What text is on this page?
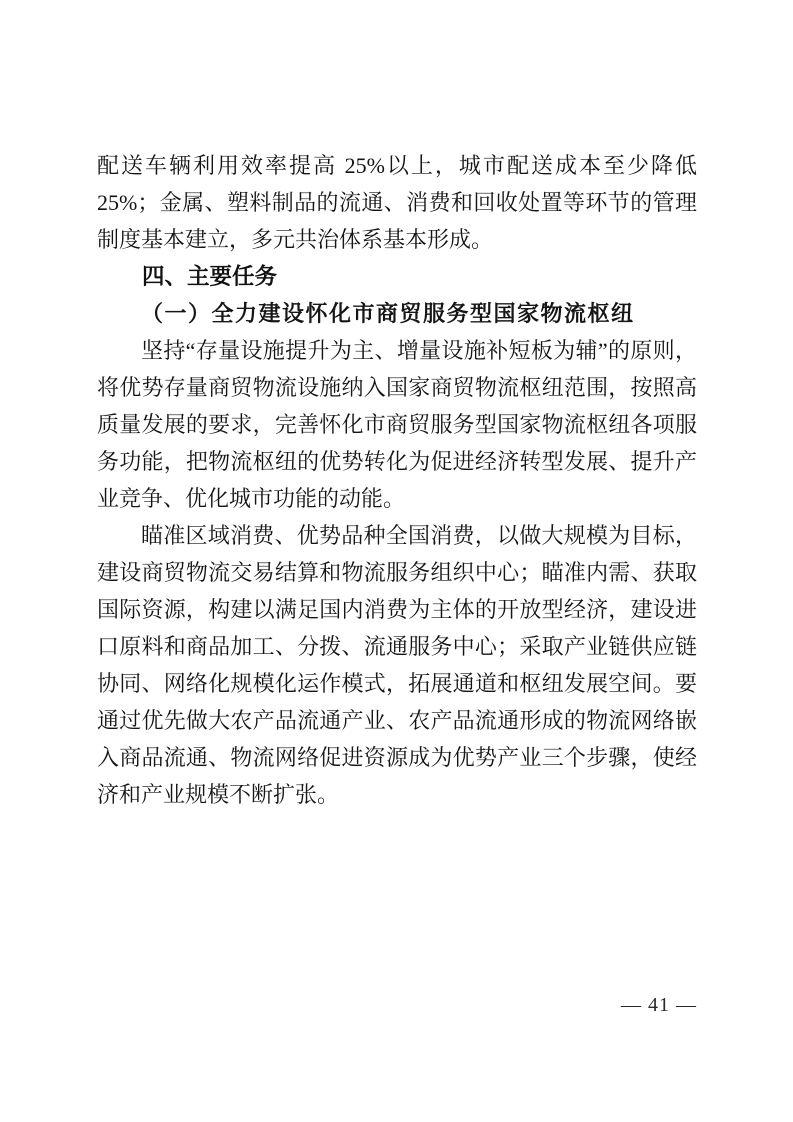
配送车辆利用效率提高 25%以上，城市配送成本至少降低 25%；金属、塑料制品的流通、消费和回收处置等环节的管理制度基本建立，多元共治体系基本形成。

四、主要任务
（一）全力建设怀化市商贸服务型国家物流枢纽

坚持“存量设施提升为主、增量设施补短板为辅”的原则，将优势存量商贸物流设施纳入国家商贸物流枢纽范围，按照高质量发展的要求，完善怀化市商贸服务型国家物流枢纽各项服务功能，把物流枢纽的优势转化为促进经济转型发展、提升产业竞争、优化城市功能的动能。

瞄准区域消费、优势品种全国消费，以做大规模为目标，建设商贸物流交易结算和物流服务组织中心；瞄准内需、获取国际资源，构建以满足国内消费为主体的开放型经济，建设进口原料和商品加工、分拨、流通服务中心；采取产业链供应链协同、网络化规模化运作模式，拓展通道和枢纽发展空间。要通过优先做大农产品流通产业、农产品流通形成的物流网络嵌入商品流通、物流网络促进资源成为优势产业三个步骤，使经济和产业规模不断扩张。

— 41 —
